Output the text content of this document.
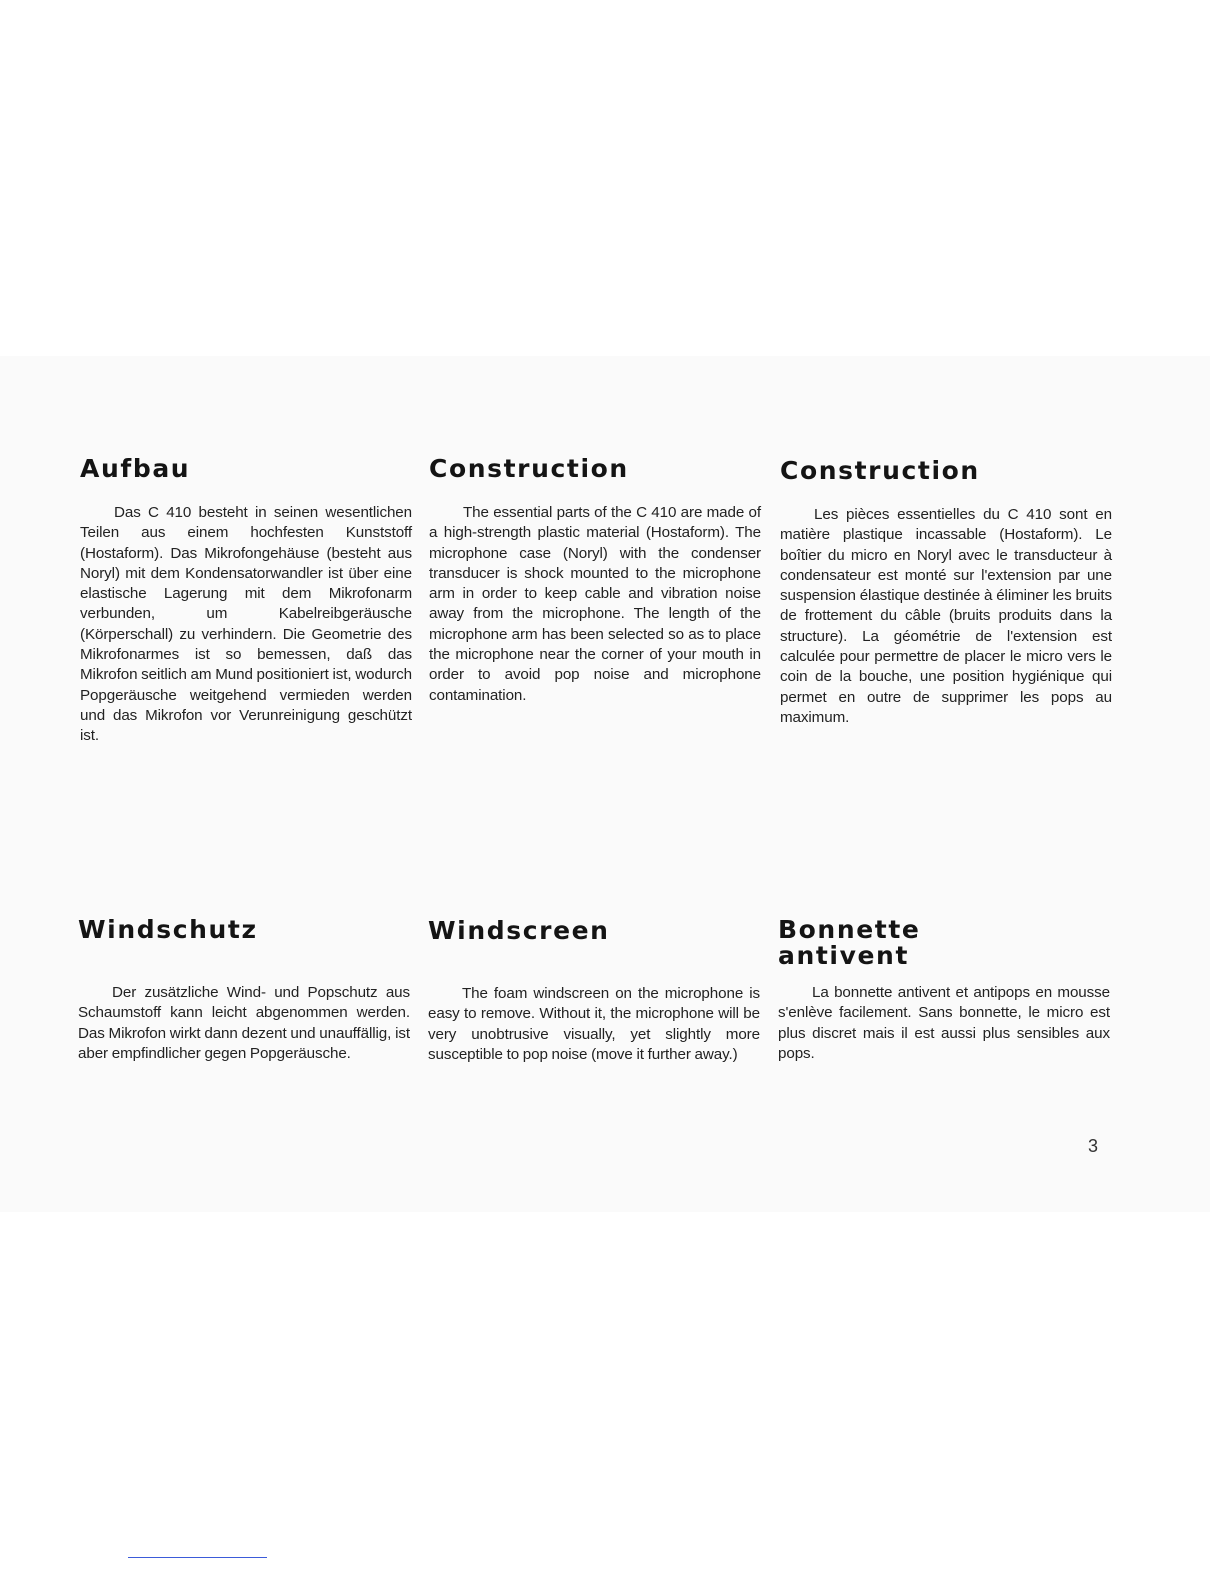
Aufbau

Das C 410 besteht in seinen wesentlichen Teilen aus einem hochfesten Kunststoff (Hostaform). Das Mikrofongehäuse (besteht aus Noryl) mit dem Kondensatorwandler ist über eine elastische Lagerung mit dem Mikrofonarm verbunden, um Kabelreibgeräusche (Körperschall) zu verhindern. Die Geometrie des Mikrofonarmes ist so bemessen, daß das Mikrofon seitlich am Mund positioniert ist, wodurch Popgeräusche weitgehend vermieden werden und das Mikrofon vor Verunreinigung geschützt ist.

Construction

The essential parts of the C 410 are made of a high-strength plastic material (Hostaform). The microphone case (Noryl) with the condenser transducer is shock mounted to the microphone arm in order to keep cable and vibration noise away from the microphone. The length of the microphone arm has been selected so as to place the microphone near the corner of your mouth in order to avoid pop noise and microphone contamination.

Construction

Les pièces essentielles du C 410 sont en matière plastique incassable (Hostaform). Le boîtier du micro en Noryl avec le transducteur à condensateur est monté sur l'extension par une suspension élastique destinée à éliminer les bruits de frottement du câble (bruits produits dans la structure). La géométrie de l'extension est calculée pour permettre de placer le micro vers le coin de la bouche, une position hygiénique qui permet en outre de supprimer les pops au maximum.

Windschutz

Der zusätzliche Wind- und Popschutz aus Schaumstoff kann leicht abgenommen werden. Das Mikrofon wirkt dann dezent und unauffällig, ist aber empfindlicher gegen Popgeräusche.

Windscreen

The foam windscreen on the microphone is easy to remove. Without it, the microphone will be very unobtrusive visually, yet slightly more susceptible to pop noise (move it further away.)

Bonnette
antivent

La bonnette antivent et antipops en mousse s'enlève facilement. Sans bonnette, le micro est plus discret mais il est aussi plus sensibles aux pops.

3
